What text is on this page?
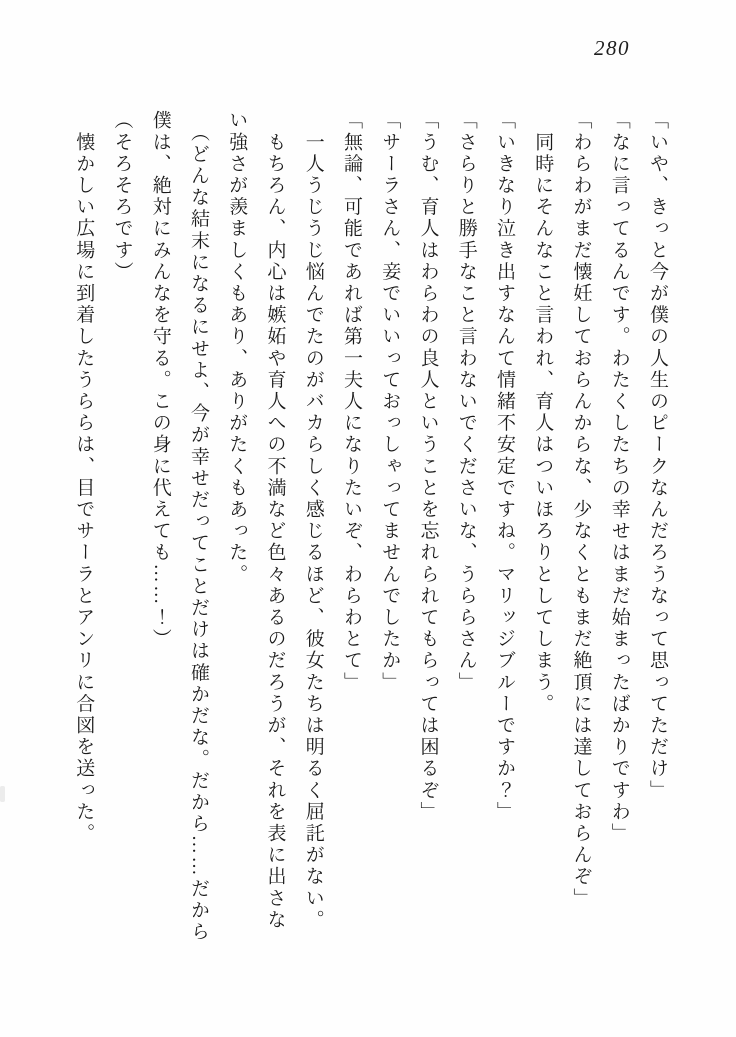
280

「いや、きっと今が僕の人生のピークなんだろうなって思ってただけ」

「なに言ってるんです。わたくしたちの幸せはまだ始まったばかりですわ」

「わらわがまだ懐妊しておらんからな、少なくともまだ絶頂には達しておらんぞ」

　同時にそんなこと言われ、育人はついほろりとしてしまう。

「いきなり泣き出すなんて情緒不安定ですね。マリッジブルーですか？」

「さらりと勝手なこと言わないでくださいな、うららさん」

「うむ、育人はわらわの良人ということを忘れられてもらっては困るぞ」

「サーラさん、妾でいいっておっしゃってませんでしたか」

「無論、可能であれば第一夫人になりたいぞ、わらわとて」

　一人うじうじ悩んでたのがバカらしく感じるほど、彼女たちは明るく屈託がない。

　もちろん、内心は嫉妬や育人への不満など色々あるのだろうが、それを表に出さな

い強さが羨ましくもあり、ありがたくもあった。

　（どんな結末になるにせよ、今が幸せだってことだけは確かだな。だから……だから

僕は、絶対にみんなを守る。この身に代えても……！）

（そろそろです）

　懐かしい広場に到着したうららは、目でサーラとアンリに合図を送った。
